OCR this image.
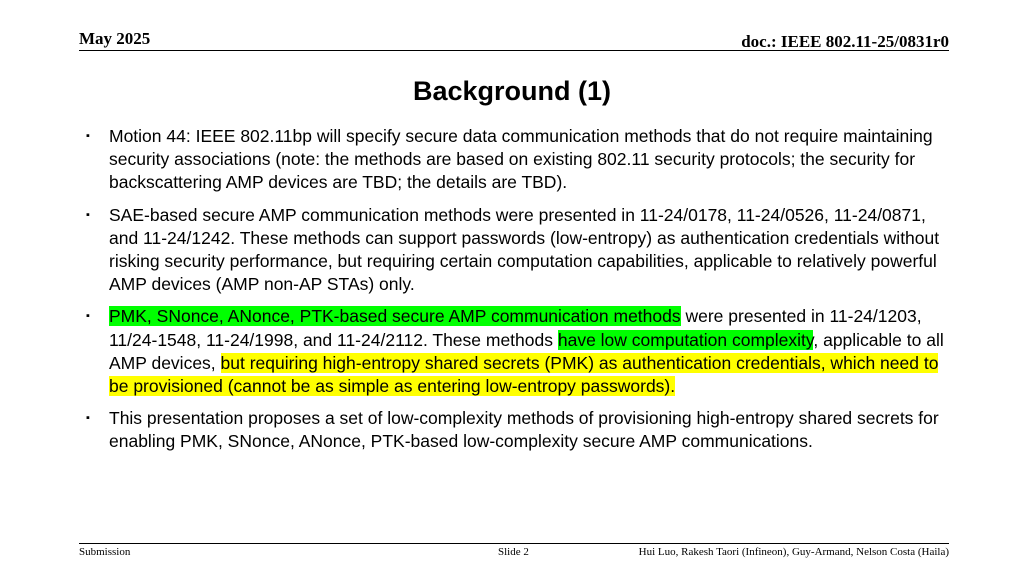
May 2025	doc.: IEEE 802.11-25/0831r0
Background (1)
▪	Motion 44: IEEE 802.11bp will specify secure data communication methods that do not require maintaining security associations (note: the methods are based on existing 802.11 security protocols; the security for backscattering AMP devices are TBD; the details are TBD).
▪	SAE-based secure AMP communication methods were presented in 11-24/0178, 11-24/0526, 11-24/0871, and 11-24/1242. These methods can support passwords (low-entropy) as authentication credentials without risking security performance, but requiring certain computation capabilities, applicable to relatively powerful AMP devices (AMP non-AP STAs) only.
▪	PMK, SNonce, ANonce, PTK-based secure AMP communication methods were presented in 11-24/1203, 11/24-1548, 11-24/1998, and 11-24/2112. These methods have low computation complexity, applicable to all AMP devices, but requiring high-entropy shared secrets (PMK) as authentication credentials, which need to be provisioned (cannot be as simple as entering low-entropy passwords).
▪	This presentation proposes a set of low-complexity methods of provisioning high-entropy shared secrets for enabling PMK, SNonce, ANonce, PTK-based low-complexity secure AMP communications.
Submission	Slide 2	Hui Luo, Rakesh Taori (Infineon), Guy-Armand, Nelson Costa (Haila)
